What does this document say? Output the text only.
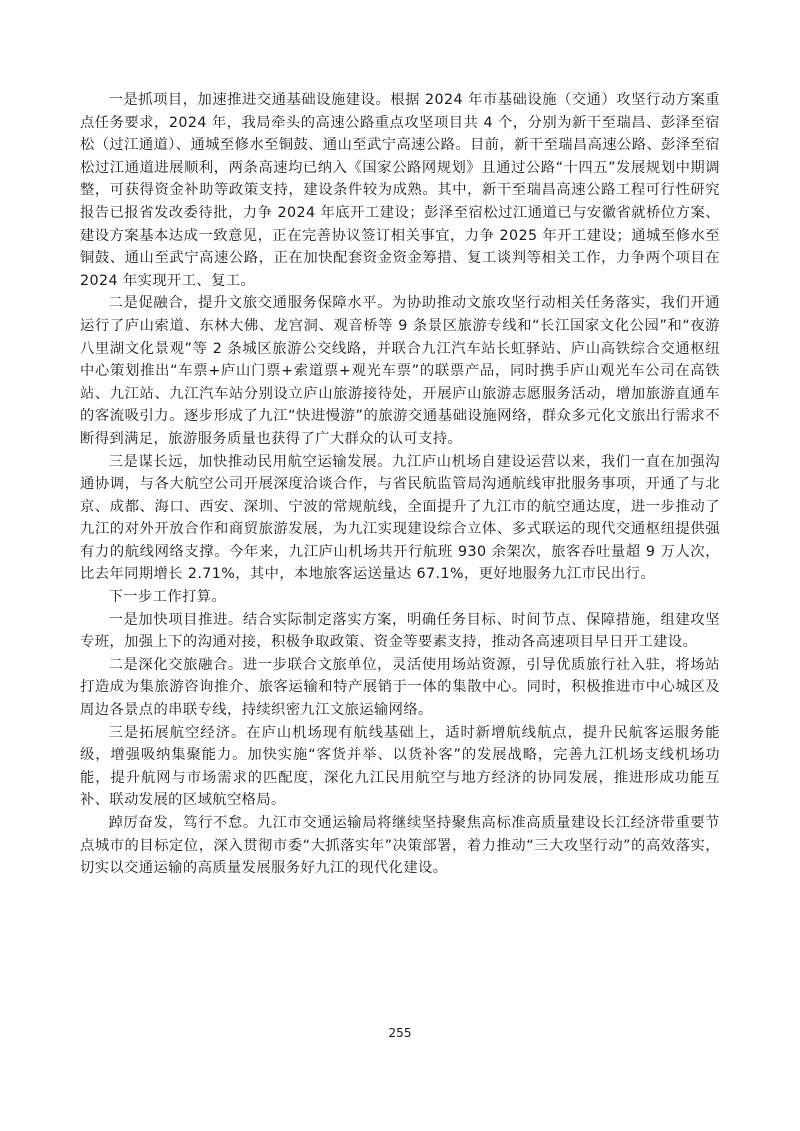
一是抓项目，加速推进交通基础设施建设。根据 2024 年市基础设施（交通）攻坚行动方案重点任务要求，2024 年，我局牵头的高速公路重点攻坚项目共 4 个，分别为新干至瑞昌、彭泽至宿松（过江通道）、通城至修水至铜鼓、通山至武宁高速公路。目前，新干至瑞昌高速公路、彭泽至宿松过江通道进展顺利，两条高速均已纳入《国家公路网规划》且通过公路“十四五”发展规划中期调整，可获得资金补助等政策支持，建设条件较为成熟。其中，新干至瑞昌高速公路工程可行性研究报告已报省发改委待批，力争 2024 年底开工建设；彭泽至宿松过江通道已与安徽省就桥位方案、建设方案基本达成一致意见，正在完善协议签订相关事宜，力争 2025 年开工建设；通城至修水至铜鼓、通山至武宁高速公路，正在加快配套资金资金筹措、复工谈判等相关工作，力争两个项目在 2024 年实现开工、复工。

二是促融合，提升文旅交通服务保障水平。为协助推动文旅攻坚行动相关任务落实，我们开通运行了庐山索道、东林大佛、龙宫洞、观音桥等 9 条景区旅游专线和“长江国家文化公园”和“夜游八里湖文化景观”等 2 条城区旅游公交线路，并联合九江汽车站长虹驿站、庐山高铁综合交通枢纽中心策划推出“车票+庐山门票+索道票+观光车票”的联票产品，同时携手庐山观光车公司在高铁站、九江站、九江汽车站分别设立庐山旅游接待处，开展庐山旅游志愿服务活动，增加旅游直通车的客流吸引力。逐步形成了九江“快进慢游”的旅游交通基础设施网络，群众多元化文旅出行需求不断得到满足，旅游服务质量也获得了广大群众的认可支持。

三是谋长远，加快推动民用航空运输发展。九江庐山机场自建设运营以来，我们一直在加强沟通协调，与各大航空公司开展深度洽谈合作，与省民航监管局沟通航线审批服务事项，开通了与北京、成都、海口、西安、深圳、宁波的常规航线，全面提升了九江市的航空通达度，进一步推动了九江的对外开放合作和商贸旅游发展，为九江实现建设综合立体、多式联运的现代交通枢纽提供强有力的航线网络支撑。今年来，九江庐山机场共开行航班 930 余架次，旅客吞吐量超 9 万人次，比去年同期增长 2.71%，其中，本地旅客运送量达 67.1%，更好地服务九江市民出行。

下一步工作打算。

一是加快项目推进。结合实际制定落实方案，明确任务目标、时间节点、保障措施，组建攻坚专班，加强上下的沟通对接，积极争取政策、资金等要素支持，推动各高速项目早日开工建设。

二是深化交旅融合。进一步联合文旅单位，灵活使用场站资源，引导优质旅行社入驻，将场站打造成为集旅游咨询推介、旅客运输和特产展销于一体的集散中心。同时，积极推进市中心城区及周边各景点的串联专线，持续织密九江文旅运输网络。

三是拓展航空经济。在庐山机场现有航线基础上，适时新增航线航点，提升民航客运服务能级，增强吸纳集聚能力。加快实施“客货并举、以货补客”的发展战略，完善九江机场支线机场功能，提升航网与市场需求的匹配度，深化九江民用航空与地方经济的协同发展，推进形成功能互补、联动发展的区域航空格局。

踔厉奋发，笃行不怠。九江市交通运输局将继续坚持聚焦高标准高质量建设长江经济带重要节点城市的目标定位，深入贯彻市委“大抓落实年”决策部署，着力推动“三大攻坚行动”的高效落实，切实以交通运输的高质量发展服务好九江的现代化建设。

255
